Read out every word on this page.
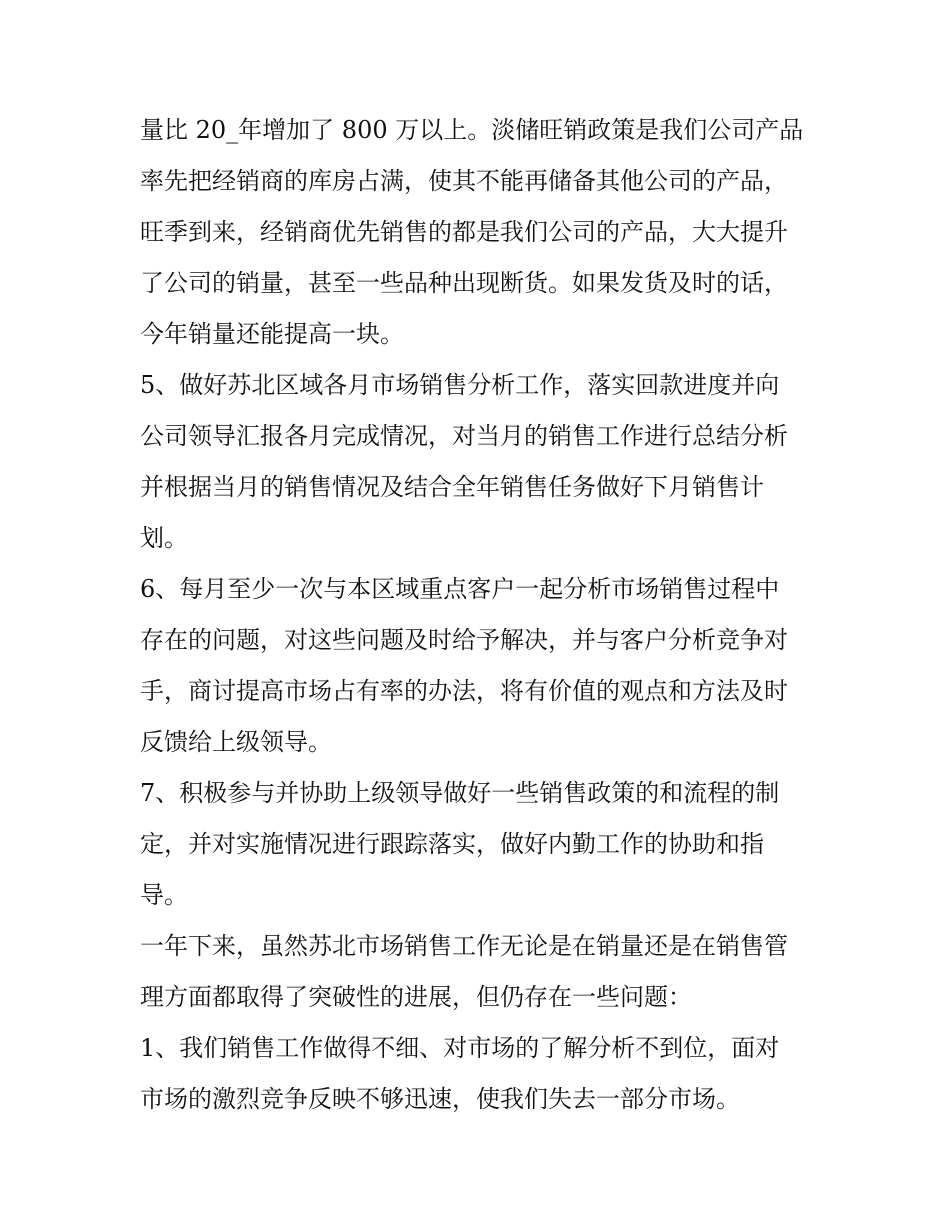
量比 20_年增加了 800 万以上。淡储旺销政策是我们公司产品
率先把经销商的库房占满，使其不能再储备其他公司的产品，
旺季到来，经销商优先销售的都是我们公司的产品，大大提升
了公司的销量，甚至一些品种出现断货。如果发货及时的话，
今年销量还能提高一块。

5、做好苏北区域各月市场销售分析工作，落实回款进度并向
公司领导汇报各月完成情况，对当月的销售工作进行总结分析
并根据当月的销售情况及结合全年销售任务做好下月销售计
划。

6、每月至少一次与本区域重点客户一起分析市场销售过程中
存在的问题，对这些问题及时给予解决，并与客户分析竞争对
手，商讨提高市场占有率的办法，将有价值的观点和方法及时
反馈给上级领导。

7、积极参与并协助上级领导做好一些销售政策的和流程的制
定，并对实施情况进行跟踪落实，做好内勤工作的协助和指
导。

一年下来，虽然苏北市场销售工作无论是在销量还是在销售管
理方面都取得了突破性的进展，但仍存在一些问题：

1、我们销售工作做得不细、对市场的了解分析不到位，面对
市场的激烈竞争反映不够迅速，使我们失去一部分市场。
